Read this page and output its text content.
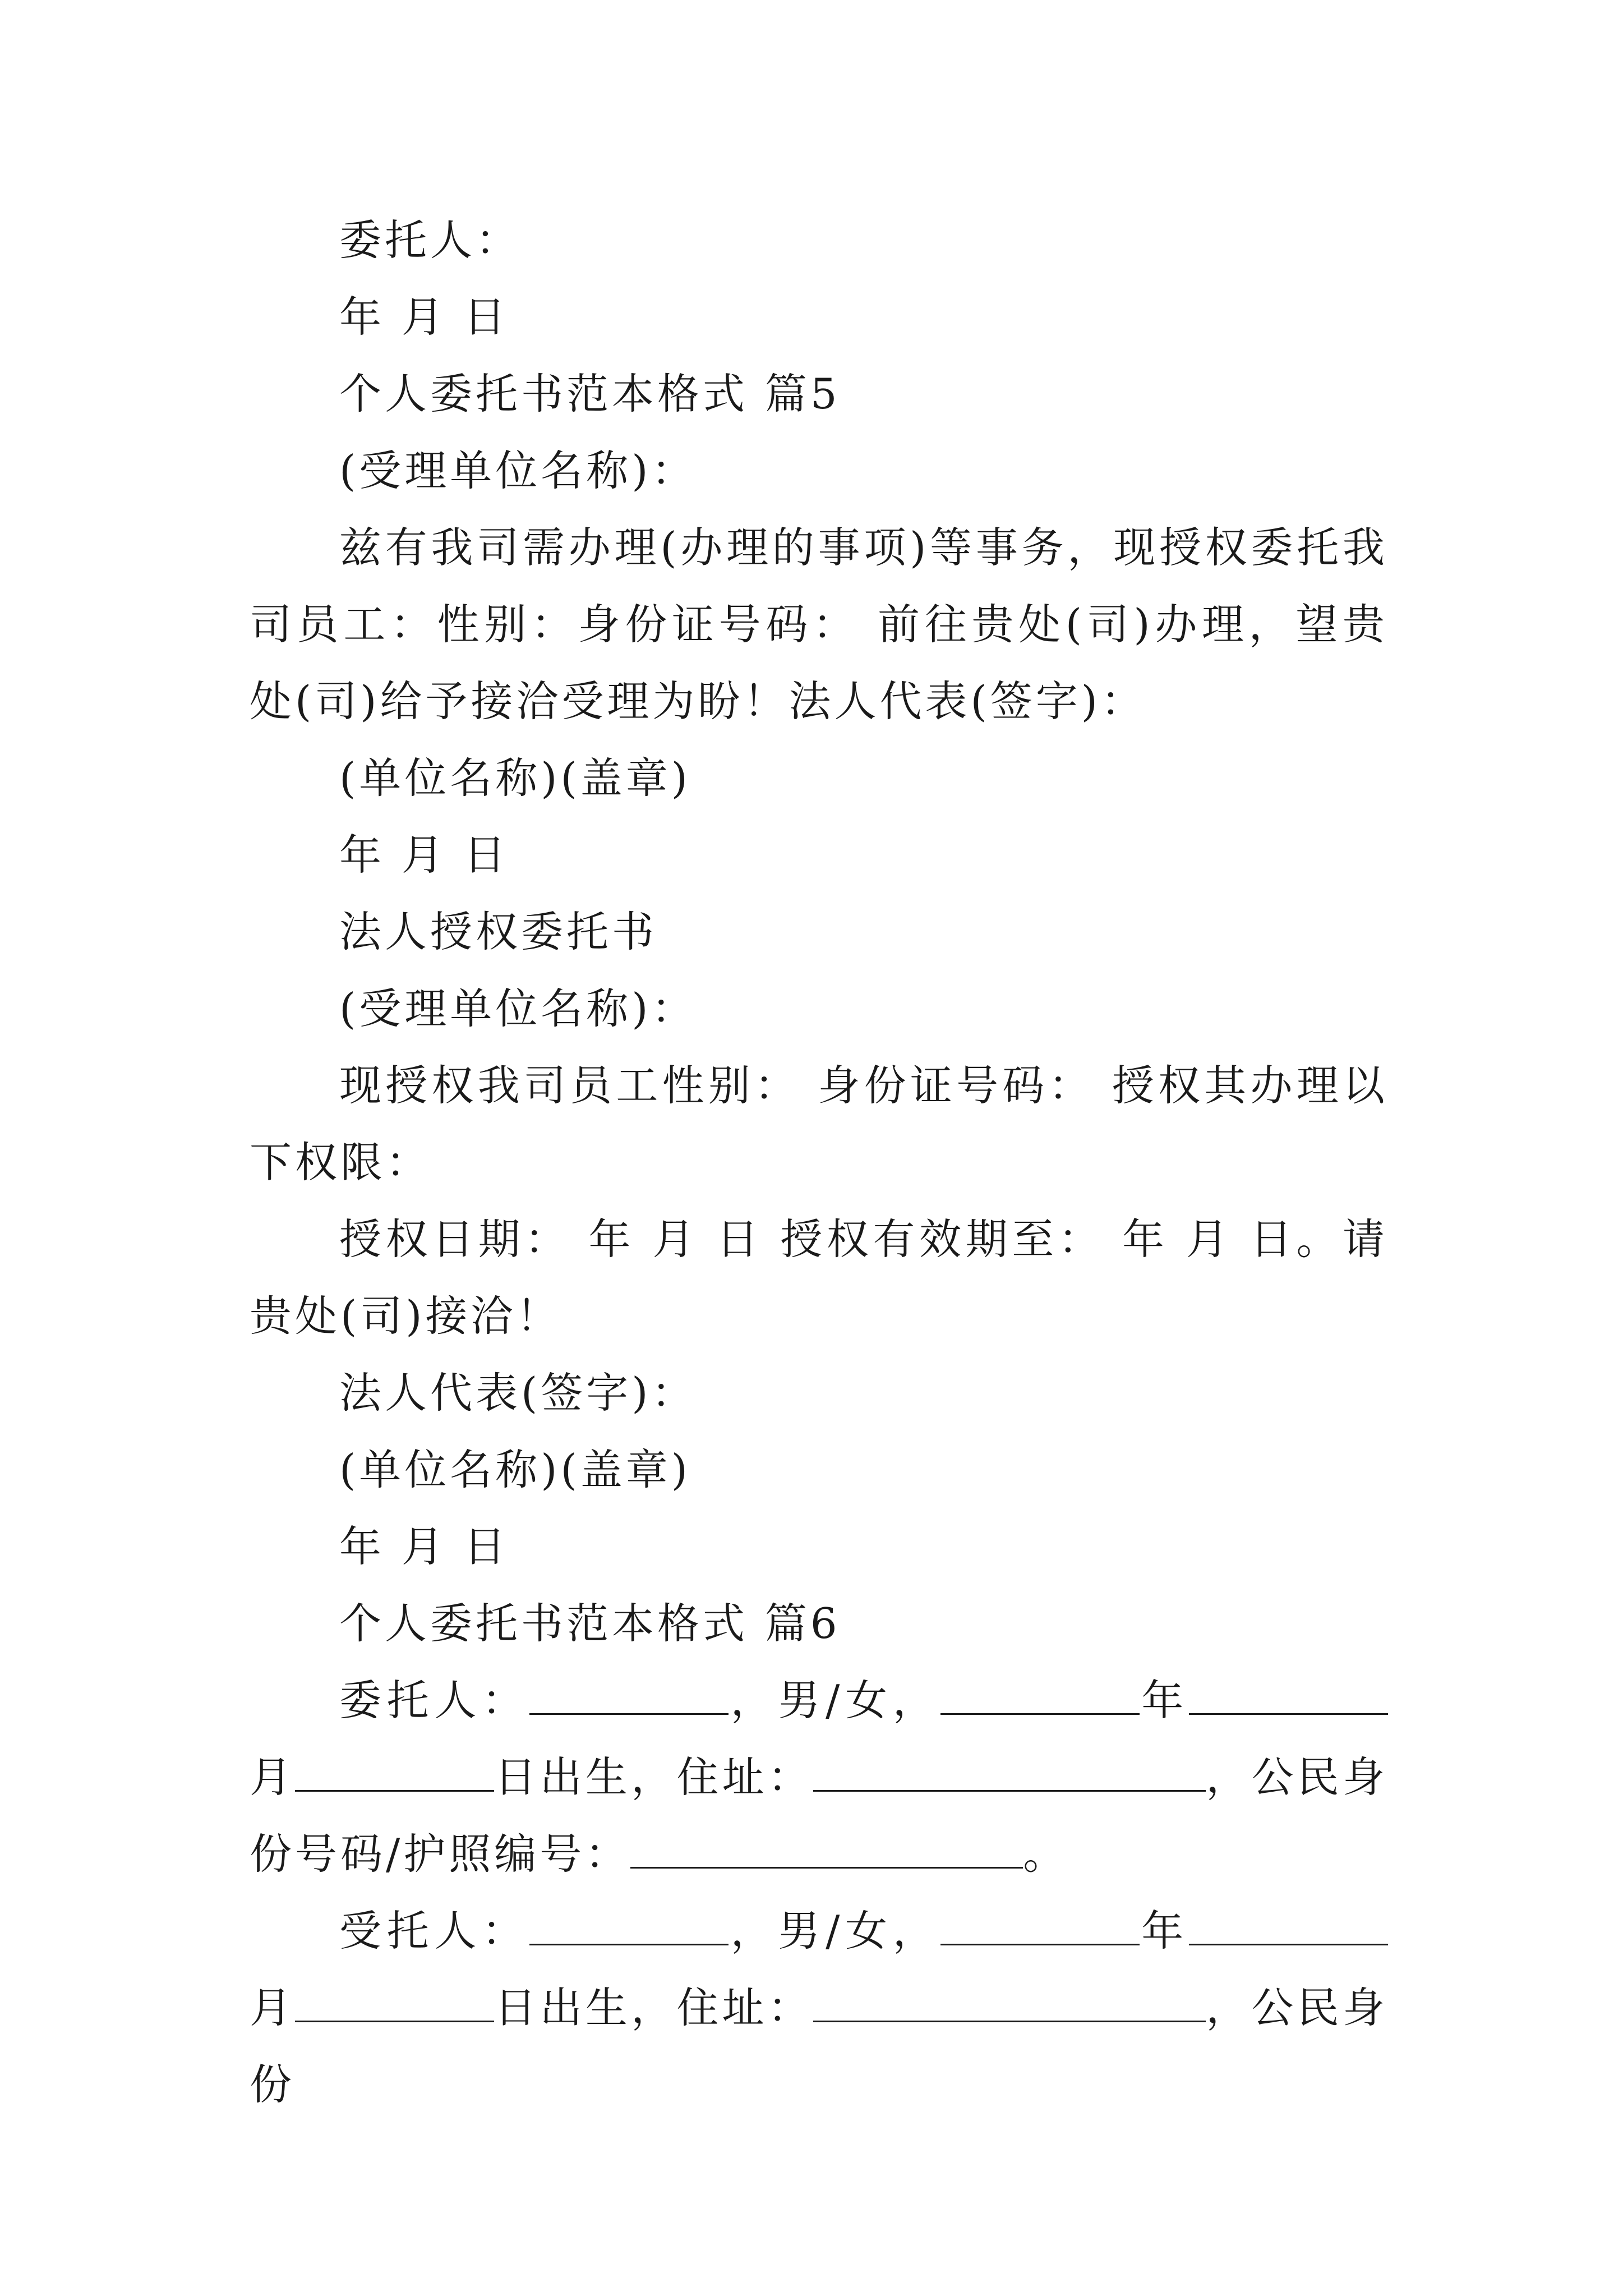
委托人：

年 月 日

个人委托书范本格式 篇5

(受理单位名称)：

兹有我司需办理(办理的事项)等事务，现授权委托我司员工：性别：身份证号码： 前往贵处(司)办理，望贵处(司)给予接洽受理为盼！法人代表(签字)：

(单位名称)(盖章)

年 月 日

法人授权委托书

(受理单位名称)：

现授权我司员工性别： 身份证号码： 授权其办理以下权限：

授权日期： 年 月 日 授权有效期至： 年 月 日。请贵处(司)接洽！

法人代表(签字)：

(单位名称)(盖章)

年 月 日

个人委托书范本格式 篇6

委托人：	，男/女，	年月	日出生，住址：	，公民身份号码/护照编号：	。

受托人：	，男/女，	年月	日出生，住址：	，公民身份
